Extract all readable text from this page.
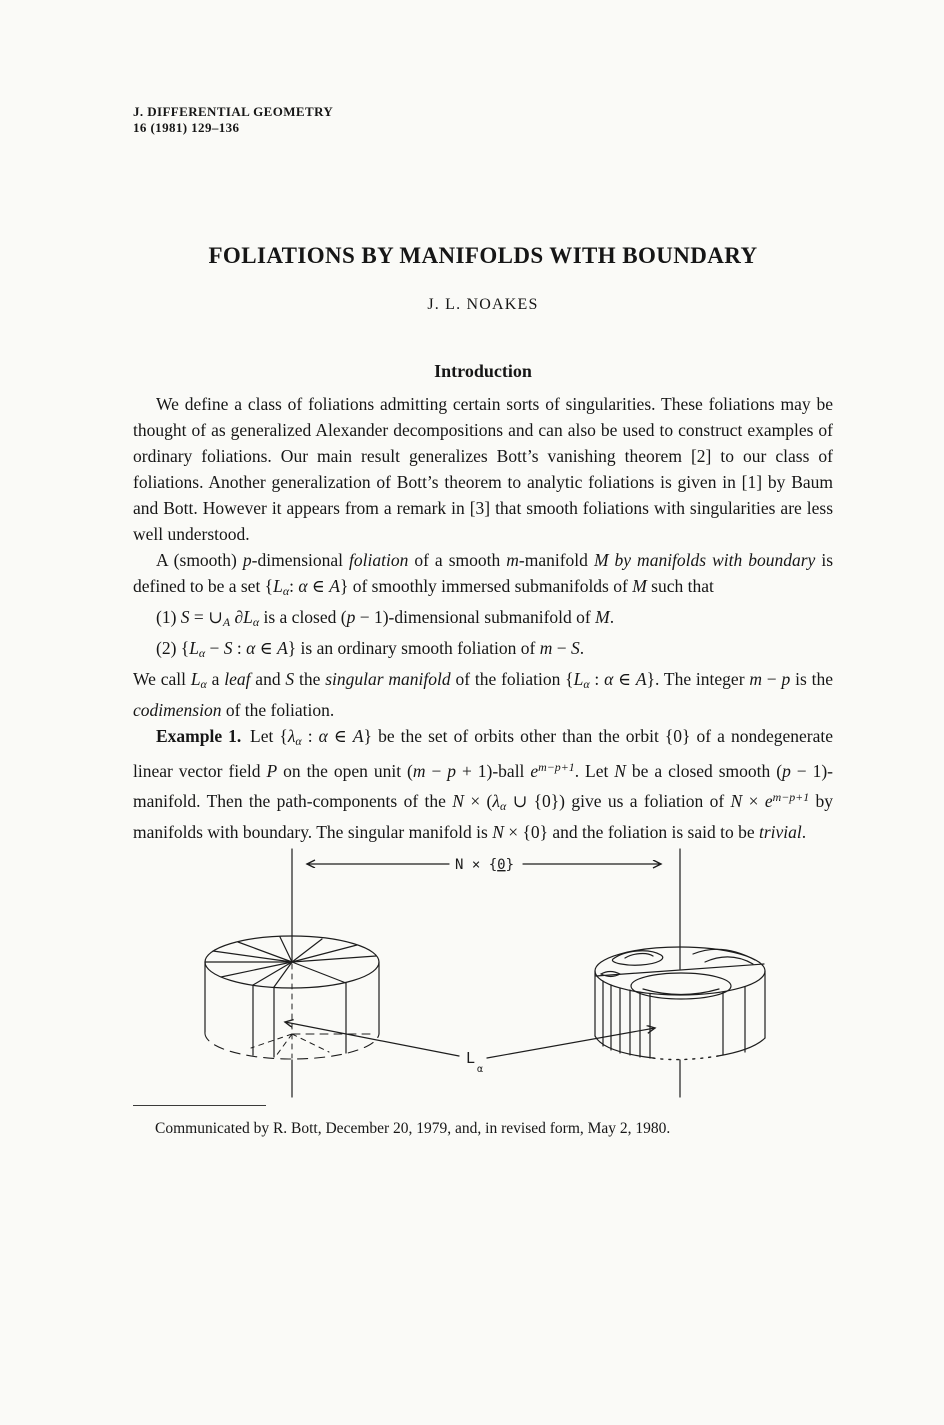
J. DIFFERENTIAL GEOMETRY
16 (1981) 129–136
FOLIATIONS BY MANIFOLDS WITH BOUNDARY
J. L. NOAKES
Introduction

We define a class of foliations admitting certain sorts of singularities. These foliations may be thought of as generalized Alexander decompositions and can also be used to construct examples of ordinary foliations. Our main result generalizes Bott’s vanishing theorem [2] to our class of foliations. Another generalization of Bott’s theorem to analytic foliations is given in [1] by Baum and Bott. However it appears from a remark in [3] that smooth foliations with singularities are less well understood.

A (smooth) p-dimensional foliation of a smooth m-manifold M by manifolds with boundary is defined to be a set {Lα: α ∈ A} of smoothly immersed submanifolds of M such that

(1) S = ∪A ∂Lα is a closed (p − 1)-dimensional submanifold of M.

(2) {Lα − S : α ∈ A} is an ordinary smooth foliation of m − S.

We call Lα a leaf and S the singular manifold of the foliation {Lα : α ∈ A}. The integer m − p is the codimension of the foliation.

Example 1. Let {λα : α ∈ A} be the set of orbits other than the orbit {0} of a nondegenerate linear vector field P on the open unit (m − p + 1)-ball $e^{m-p+1}$. Let N be a closed smooth (p − 1)-manifold. Then the path-components of the N × (λα ∪ {0}) give us a foliation of $N \times e^{m-p+1}$ by manifolds with boundary. The singular manifold is N × {0} and the foliation is said to be trivial.

N × {0}
L
α
Communicated by R. Bott, December 20, 1979, and, in revised form, May 2, 1980.
